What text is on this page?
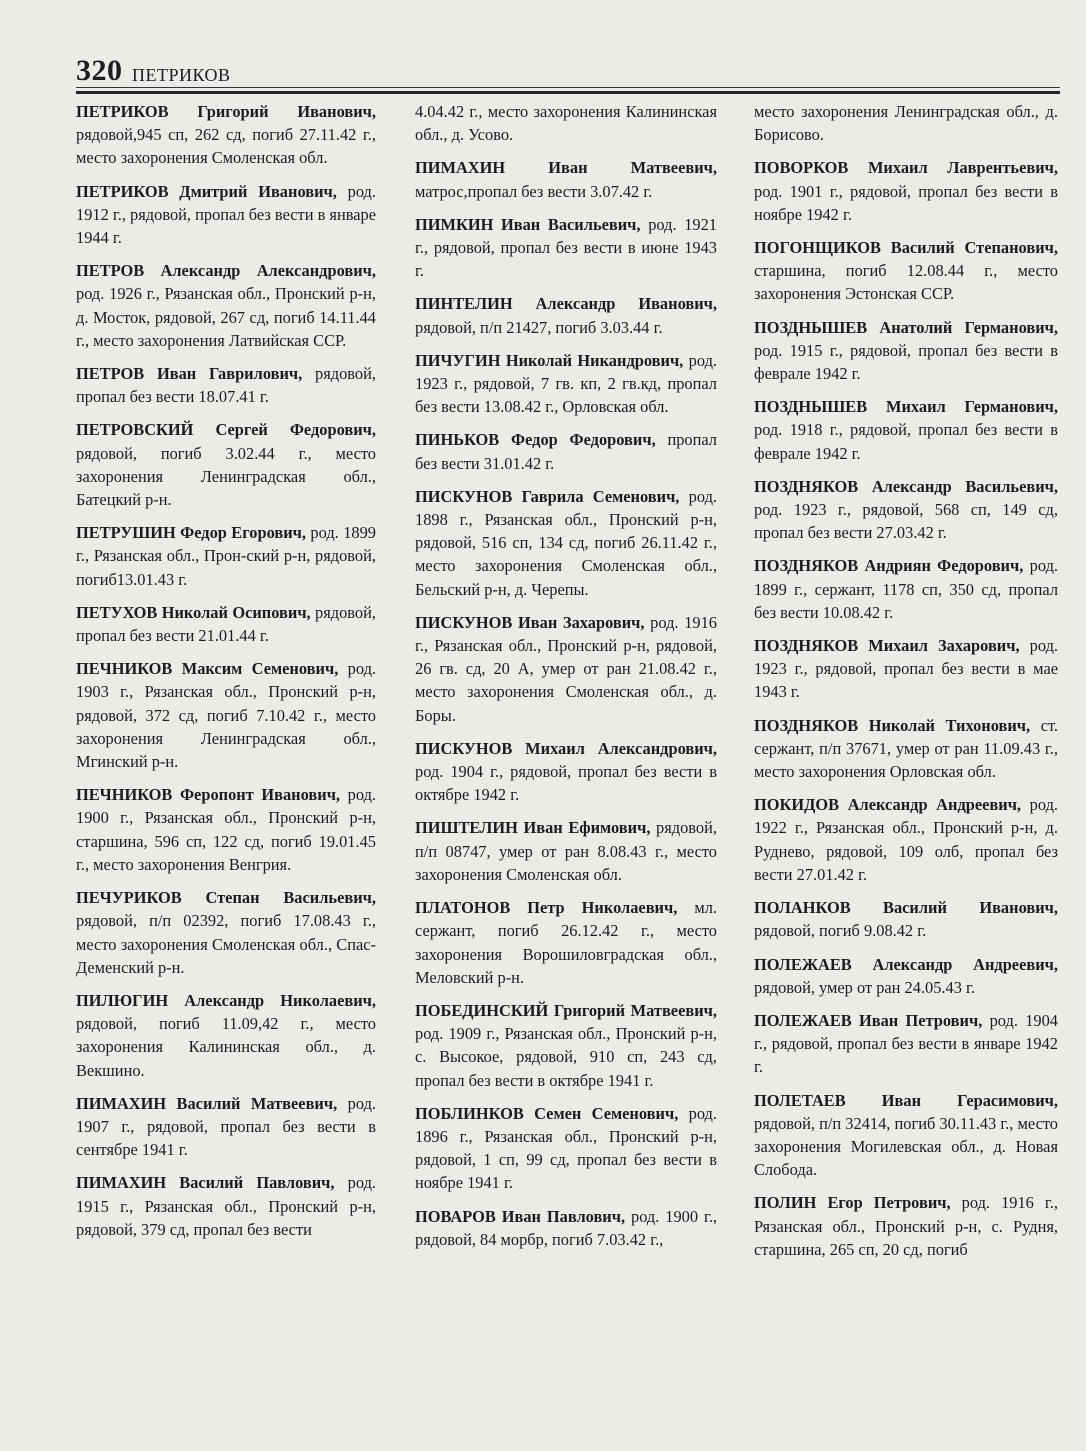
320 ПЕТРИКОВ

ПЕТРИКОВ Григорий Иванович, рядовой,945 сп, 262 сд, погиб 27.11.42 г., место захоронения Смоленская обл.

ПЕТРИКОВ Дмитрий Иванович, род. 1912 г., рядовой, пропал без вести в январе 1944 г.

ПЕТРОВ Александр Александрович, род. 1926 г., Рязанская обл., Пронский р-н, д. Мосток, рядовой, 267 сд, погиб 14.11.44 г., место захоронения Латвийская ССР.

ПЕТРОВ Иван Гаврилович, рядовой, пропал без вести 18.07.41 г.

ПЕТРОВСКИЙ Сергей Федорович, рядовой, погиб 3.02.44 г., место захоронения Ленинградская обл., Батецкий р-н.

ПЕТРУШИН Федор Егорович, род. 1899 г., Рязанская обл., Прон-ский р-н, рядовой, погиб13.01.43 г.

ПЕТУХОВ Николай Осипович, рядовой, пропал без вести 21.01.44 г.

ПЕЧНИКОВ Максим Семенович, род. 1903 г., Рязанская обл., Пронский р-н, рядовой, 372 сд, погиб 7.10.42 г., место захоронения Ленинградская обл., Мгинский р-н.

ПЕЧНИКОВ Феропонт Иванович, род. 1900 г., Рязанская обл., Пронский р-н, старшина, 596 сп, 122 сд, погиб 19.01.45 г., место захоронения Венгрия.

ПЕЧУРИКОВ Степан Васильевич, рядовой, п/п 02392, погиб 17.08.43 г., место захоронения Смоленская обл., Спас-Деменский р-н.

ПИЛЮГИН Александр Николаевич, рядовой, погиб 11.09,42 г., место захоронения Калининская обл., д. Векшино.

ПИМАХИН Василий Матвеевич, род. 1907 г., рядовой, пропал без вести в сентябре 1941 г.

ПИМАХИН Василий Павлович, род. 1915 г., Рязанская обл., Пронский р-н, рядовой, 379 сд, пропал без вести

4.04.42 г., место захоронения Калининская обл., д. Усово.

ПИМАХИН Иван Матвеевич, матрос,пропал без вести 3.07.42 г.

ПИМКИН Иван Васильевич, род. 1921 г., рядовой, пропал без вести в июне 1943 г.

ПИНТЕЛИН Александр Иванович, рядовой, п/п 21427, погиб 3.03.44 г.

ПИЧУГИН Николай Никандрович, род. 1923 г., рядовой, 7 гв. кп, 2 гв.кд, пропал без вести 13.08.42 г., Орловская обл.

ПИНЬКОВ Федор Федорович, пропал без вести 31.01.42 г.

ПИСКУНОВ Гаврила Семенович, род. 1898 г., Рязанская обл., Пронский р-н, рядовой, 516 сп, 134 сд, погиб 26.11.42 г., место захоронения Смоленская обл., Бельский р-н, д. Черепы.

ПИСКУНОВ Иван Захарович, род. 1916 г., Рязанская обл., Пронский р-н, рядовой, 26 гв. сд, 20 А, умер от ран 21.08.42 г., место захоронения Смоленская обл., д. Боры.

ПИСКУНОВ Михаил Александрович, род. 1904 г., рядовой, пропал без вести в октябре 1942 г.

ПИШТЕЛИН Иван Ефимович, рядовой, п/п 08747, умер от ран 8.08.43 г., место захоронения Смоленская обл.

ПЛАТОНОВ Петр Николаевич, мл. сержант, погиб 26.12.42 г., место захоронения Ворошиловградская обл., Меловский р-н.

ПОБЕДИНСКИЙ Григорий Матвеевич, род. 1909 г., Рязанская обл., Пронский р-н, с. Высокое, рядовой, 910 сп, 243 сд, пропал без вести в октябре 1941 г.

ПОБЛИНКОВ Семен Семенович, род. 1896 г., Рязанская обл., Пронский р-н, рядовой, 1 сп, 99 сд, пропал без вести в ноябре 1941 г.

ПОВАРОВ Иван Павлович, род. 1900 г., рядовой, 84 морбр, погиб 7.03.42 г.,

место захоронения Ленинградская обл., д. Борисово.

ПОВОРКОВ Михаил Лаврентьевич, род. 1901 г., рядовой, пропал без вести в ноябре 1942 г.

ПОГОНЩИКОВ Василий Степанович, старшина, погиб 12.08.44 г., место захоронения Эстонская ССР.

ПОЗДНЫШЕВ Анатолий Германович, род. 1915 г., рядовой, пропал без вести в феврале 1942 г.

ПОЗДНЫШЕВ Михаил Германович, род. 1918 г., рядовой, пропал без вести в феврале 1942 г.

ПОЗДНЯКОВ Александр Васильевич, род. 1923 г., рядовой, 568 сп, 149 сд, пропал без вести 27.03.42 г.

ПОЗДНЯКОВ Андриян Федорович, род. 1899 г., сержант, 1178 сп, 350 сд, пропал без вести 10.08.42 г.

ПОЗДНЯКОВ Михаил Захарович, род. 1923 г., рядовой, пропал без вести в мае 1943 г.

ПОЗДНЯКОВ Николай Тихонович, ст. сержант, п/п 37671, умер от ран 11.09.43 г., место захоронения Орловская обл.

ПОКИДОВ Александр Андреевич, род. 1922 г., Рязанская обл., Пронский р-н, д. Руднево, рядовой, 109 олб, пропал без вести 27.01.42 г.

ПОЛАНКОВ Василий Иванович, рядовой, погиб 9.08.42 г.

ПОЛЕЖАЕВ Александр Андреевич, рядовой, умер от ран 24.05.43 г.

ПОЛЕЖАЕВ Иван Петрович, род. 1904 г., рядовой, пропал без вести в январе 1942 г.

ПОЛЕТАЕВ Иван Герасимович, рядовой, п/п 32414, погиб 30.11.43 г., место захоронения Могилевская обл., д. Новая Слобода.

ПОЛИН Егор Петрович, род. 1916 г., Рязанская обл., Пронский р-н, с. Рудня, старшина, 265 сп, 20 сд, погиб
